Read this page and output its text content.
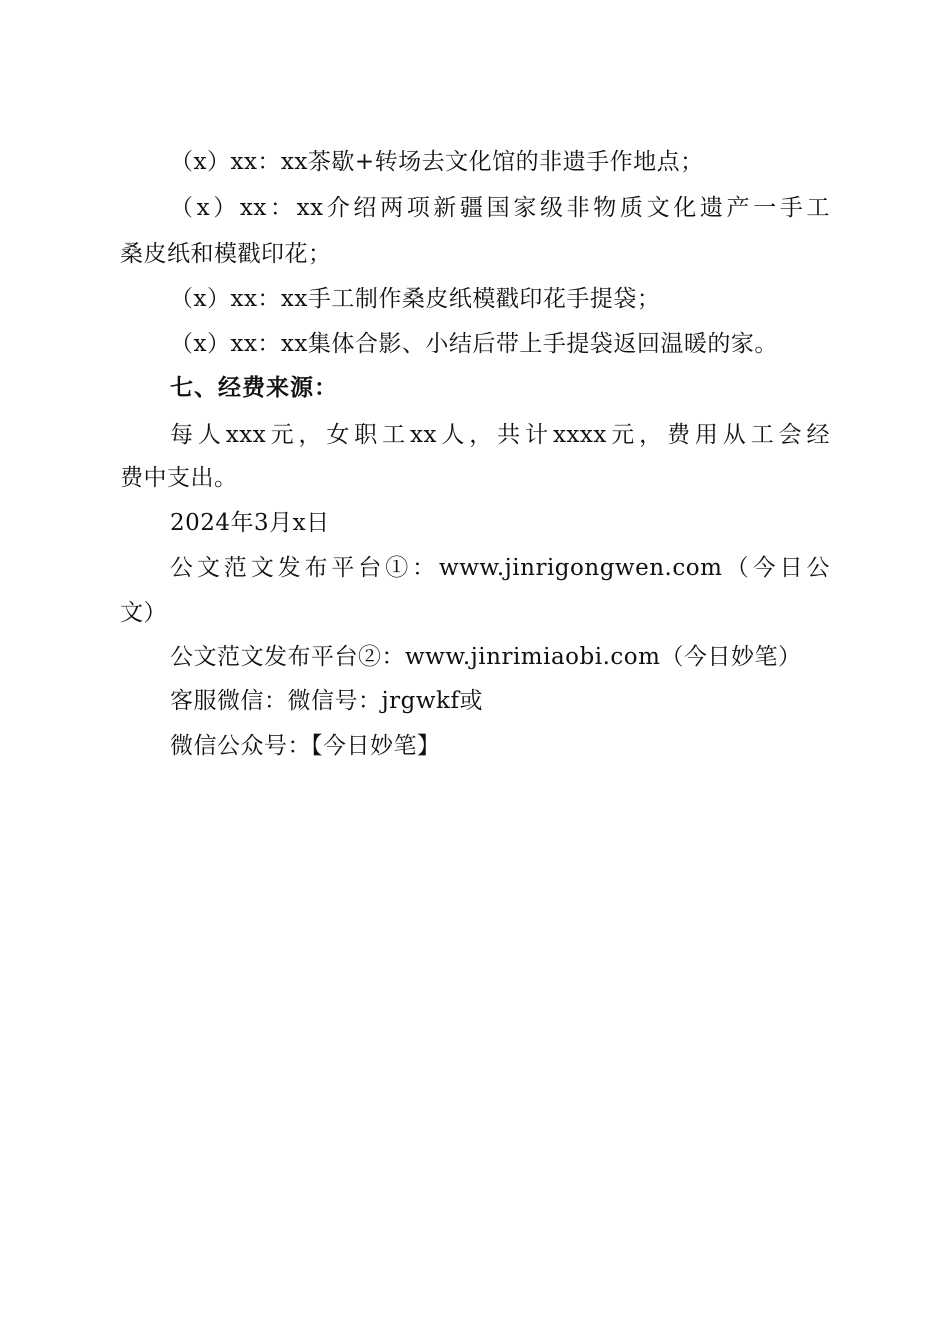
（x）xx：xx茶歇+转场去文化馆的非遗手作地点；
（x）xx：xx介绍两项新疆国家级非物质文化遗产一手工
桑皮纸和模戳印花；
（x）xx：xx手工制作桑皮纸模戳印花手提袋；
（x）xx：xx集体合影、小结后带上手提袋返回温暖的家。
七、经费来源：
每人xxx元，女职工xx人，共计xxxx元，费用从工会经
费中支出。
2024年3月x日
公文范文发布平台①：www.jinrigongwen.com（今日公
文）
公文范文发布平台②：www.jinrimiaobi.com（今日妙笔）
客服微信：微信号：jrgwkf或
微信公众号：【今日妙笔】
